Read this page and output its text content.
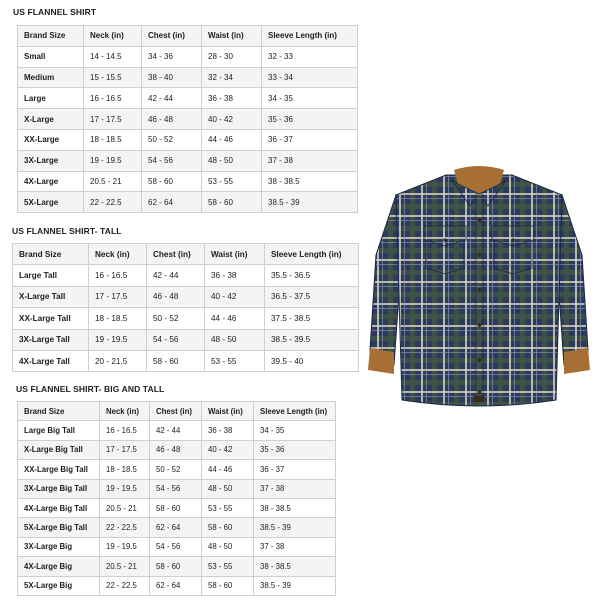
US FLANNEL SHIRT
Brand Size	Neck (in)	Chest (in)	Waist (in)	Sleeve Length (in)
Small	14 - 14.5	34 - 36	28 - 30	32 - 33
Medium	15 - 15.5	38 - 40	32 - 34	33 - 34
Large	16 - 16.5	42 - 44	36 - 38	34 - 35
X-Large	17 - 17.5	46 - 48	40 - 42	35 - 36
XX-Large	18 - 18.5	50 - 52	44 - 46	36 - 37
3X-Large	19 - 19.5	54 - 56	48 - 50	37 - 38
4X-Large	20.5 - 21	58 - 60	53 - 55	38 - 38.5
5X-Large	22 - 22.5	62 - 64	58 - 60	38.5 - 39
US FLANNEL SHIRT- TALL
Brand Size	Neck (in)	Chest (in)	Waist (in)	Sleeve Length (in)
Large Tall	16 - 16.5	42 - 44	36 - 38	35.5 - 36.5
X-Large Tall	17 - 17.5	46 - 48	40 - 42	36.5 - 37.5
XX-Large Tall	18 - 18.5	50 - 52	44 - 46	37.5 - 38.5
3X-Large Tall	19 - 19.5	54 - 56	48 - 50	38.5 - 39.5
4X-Large Tall	20 - 21.5	58 - 60	53 - 55	39.5 - 40
US FLANNEL SHIRT- BIG AND TALL
Brand Size	Neck (in)	Chest (in)	Waist (in)	Sleeve Length (in)
Large Big Tall	16 - 16.5	42 - 44	36 - 38	34 - 35
X-Large Big Tall	17 - 17.5	46 - 48	40 - 42	35 - 36
XX-Large Big Tall	18 - 18.5	50 - 52	44 - 46	36 - 37
3X-Large Big Tall	19 - 19.5	54 - 56	48 - 50	37 - 38
4X-Large Big Tall	20.5 - 21	58 - 60	53 - 55	38 - 38.5
5X-Large Big Tall	22 - 22.5	62 - 64	58 - 60	38.5 - 39
3X-Large Big	19 - 19.5	54 - 56	48 - 50	37 - 38
4X-Large Big	20.5 - 21	58 - 60	53 - 55	38 - 38.5
5X-Large Big	22 - 22.5	62 - 64	58 - 60	38.5 - 39
